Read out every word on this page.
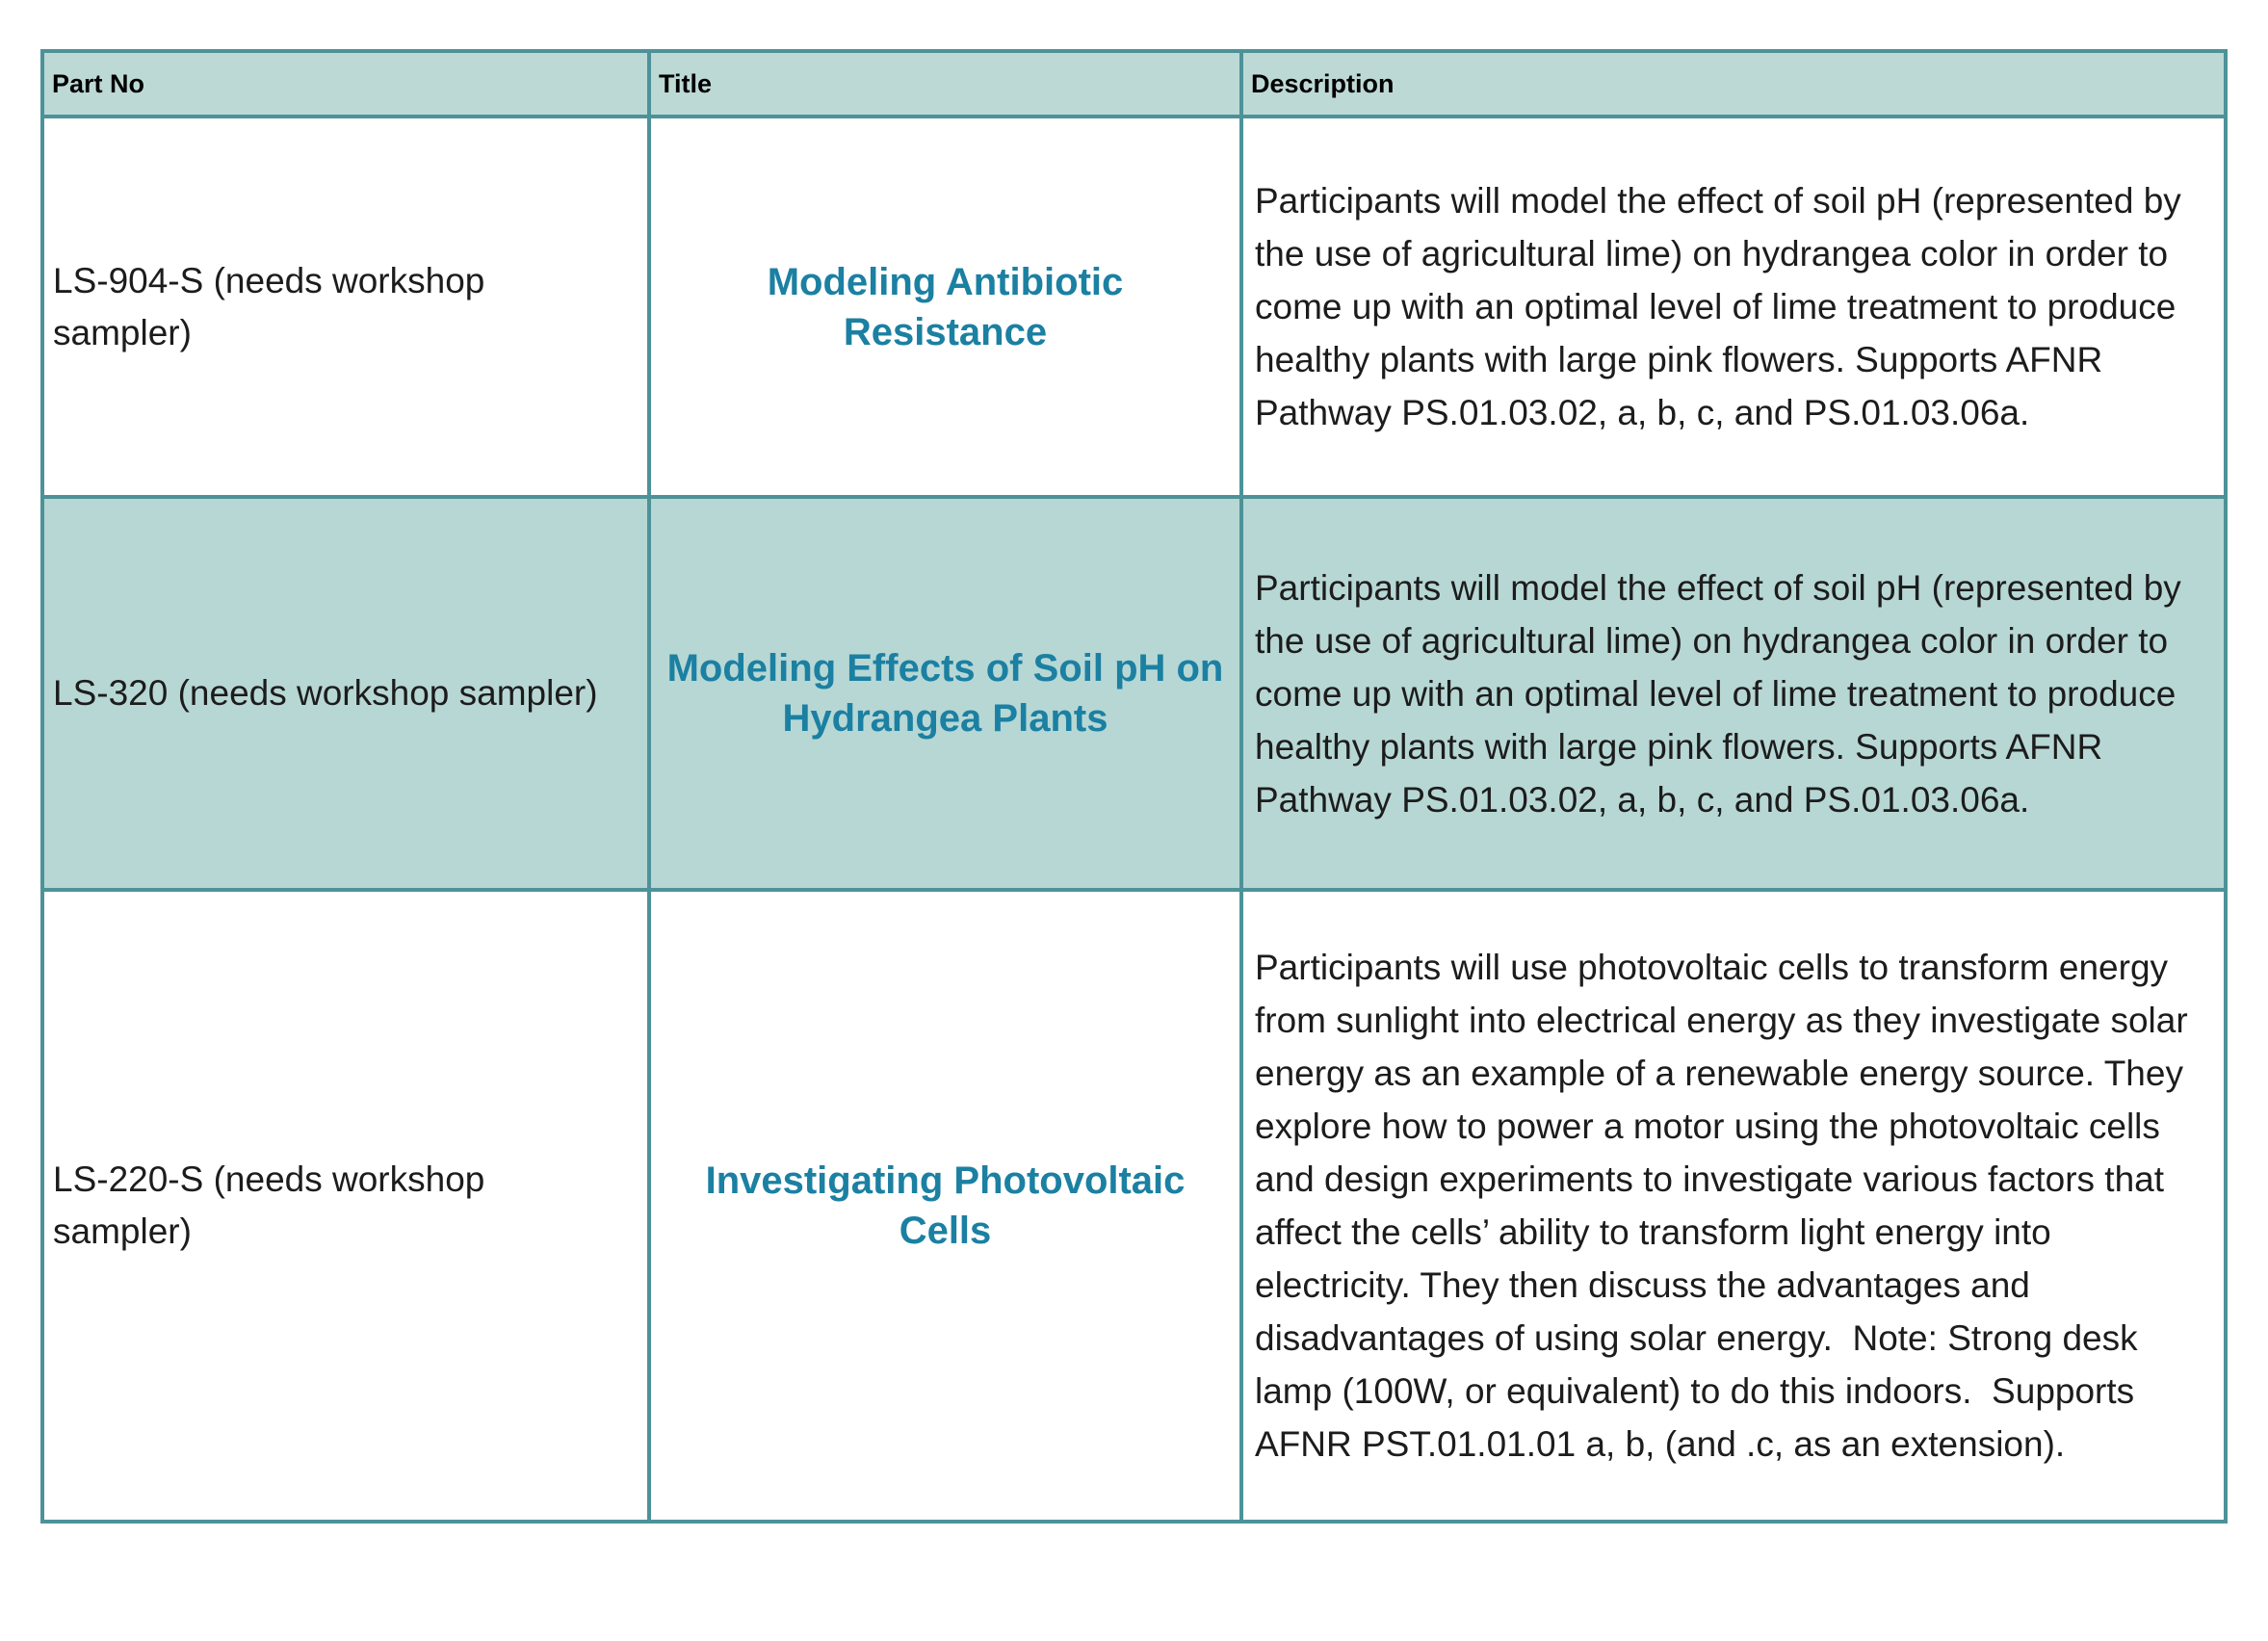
Part No	Title	Description
LS-904-S (needs workshop sampler)
Modeling Antibiotic Resistance
Participants will model the effect of soil pH (represented by the use of agricultural lime) on hydrangea color in order to come up with an optimal level of lime treatment to produce healthy plants with large pink flowers. Supports AFNR Pathway PS.01.03.02, a, b, c, and PS.01.03.06a.
LS-320 (needs workshop sampler)
Modeling Effects of Soil pH on Hydrangea Plants
Participants will model the effect of soil pH (represented by the use of agricultural lime) on hydrangea color in order to come up with an optimal level of lime treatment to produce healthy plants with large pink flowers. Supports AFNR Pathway PS.01.03.02, a, b, c, and PS.01.03.06a.
LS-220-S (needs workshop sampler)
Investigating Photovoltaic Cells
Participants will use photovoltaic cells to transform energy from sunlight into electrical energy as they investigate solar energy as an example of a renewable energy source. They explore how to power a motor using the photovoltaic cells and design experiments to investigate various factors that affect the cells’ ability to transform light energy into electricity. They then discuss the advantages and disadvantages of using solar energy.  Note: Strong desk lamp (100W, or equivalent) to do this indoors.  Supports AFNR PST.01.01.01 a, b, (and .c, as an extension).
